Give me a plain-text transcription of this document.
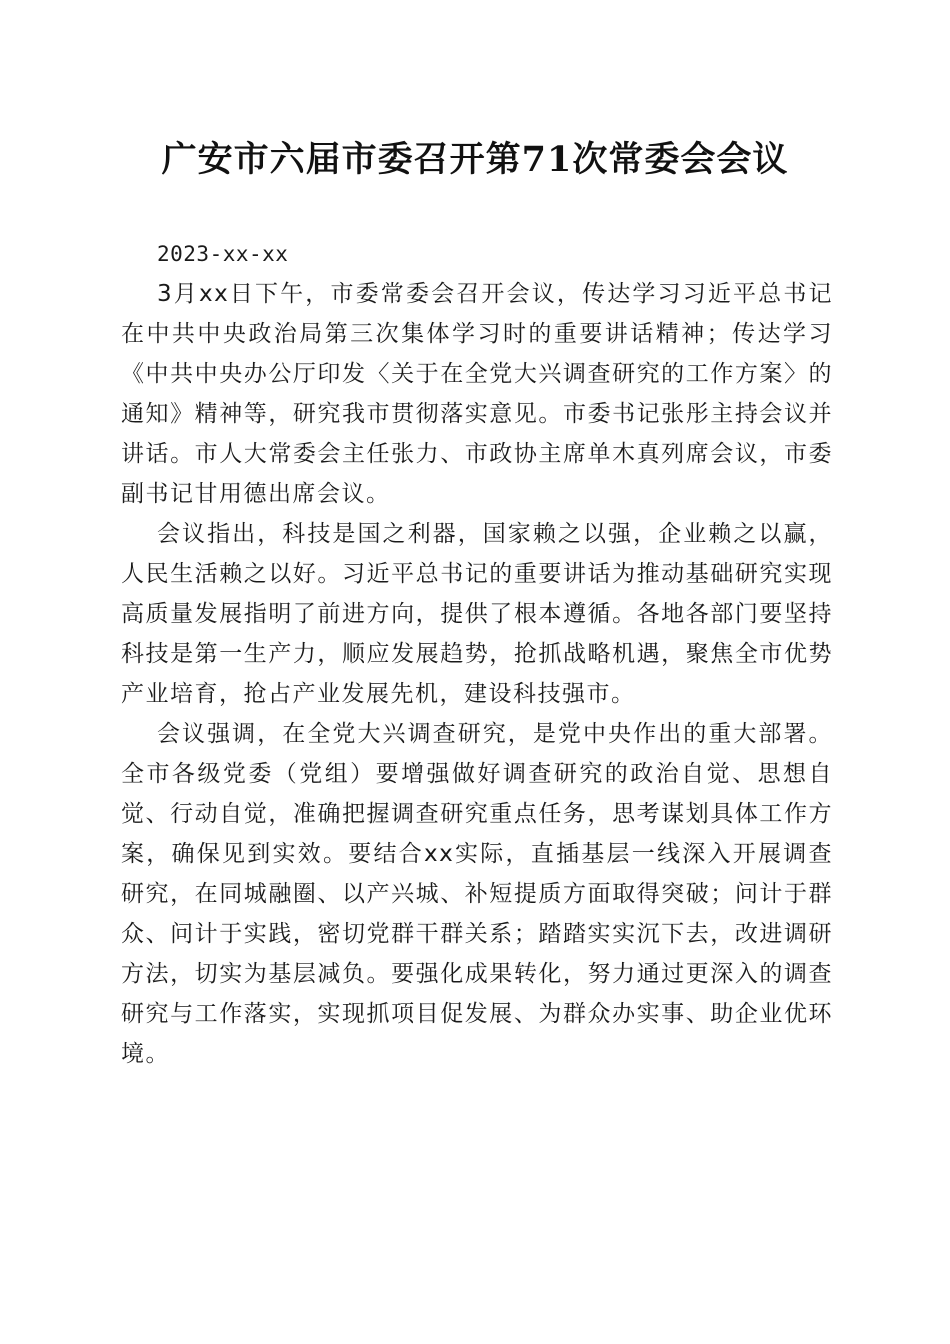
广安市六届市委召开第71次常委会会议

2023-xx-xx

3月xx日下午，市委常委会召开会议，传达学习习近平总书记在中共中央政治局第三次集体学习时的重要讲话精神；传达学习《中共中央办公厅印发〈关于在全党大兴调查研究的工作方案〉的通知》精神等，研究我市贯彻落实意见。市委书记张彤主持会议并讲话。市人大常委会主任张力、市政协主席单木真列席会议，市委副书记甘用德出席会议。

会议指出，科技是国之利器，国家赖之以强，企业赖之以赢，人民生活赖之以好。习近平总书记的重要讲话为推动基础研究实现高质量发展指明了前进方向，提供了根本遵循。各地各部门要坚持科技是第一生产力，顺应发展趋势，抢抓战略机遇，聚焦全市优势产业培育，抢占产业发展先机，建设科技强市。

会议强调，在全党大兴调查研究，是党中央作出的重大部署。全市各级党委（党组）要增强做好调查研究的政治自觉、思想自觉、行动自觉，准确把握调查研究重点任务，思考谋划具体工作方案，确保见到实效。要结合xx实际，直插基层一线深入开展调查研究，在同城融圈、以产兴城、补短提质方面取得突破；问计于群众、问计于实践，密切党群干群关系；踏踏实实沉下去，改进调研方法，切实为基层减负。要强化成果转化，努力通过更深入的调查研究与工作落实，实现抓项目促发展、为群众办实事、助企业优环境。
